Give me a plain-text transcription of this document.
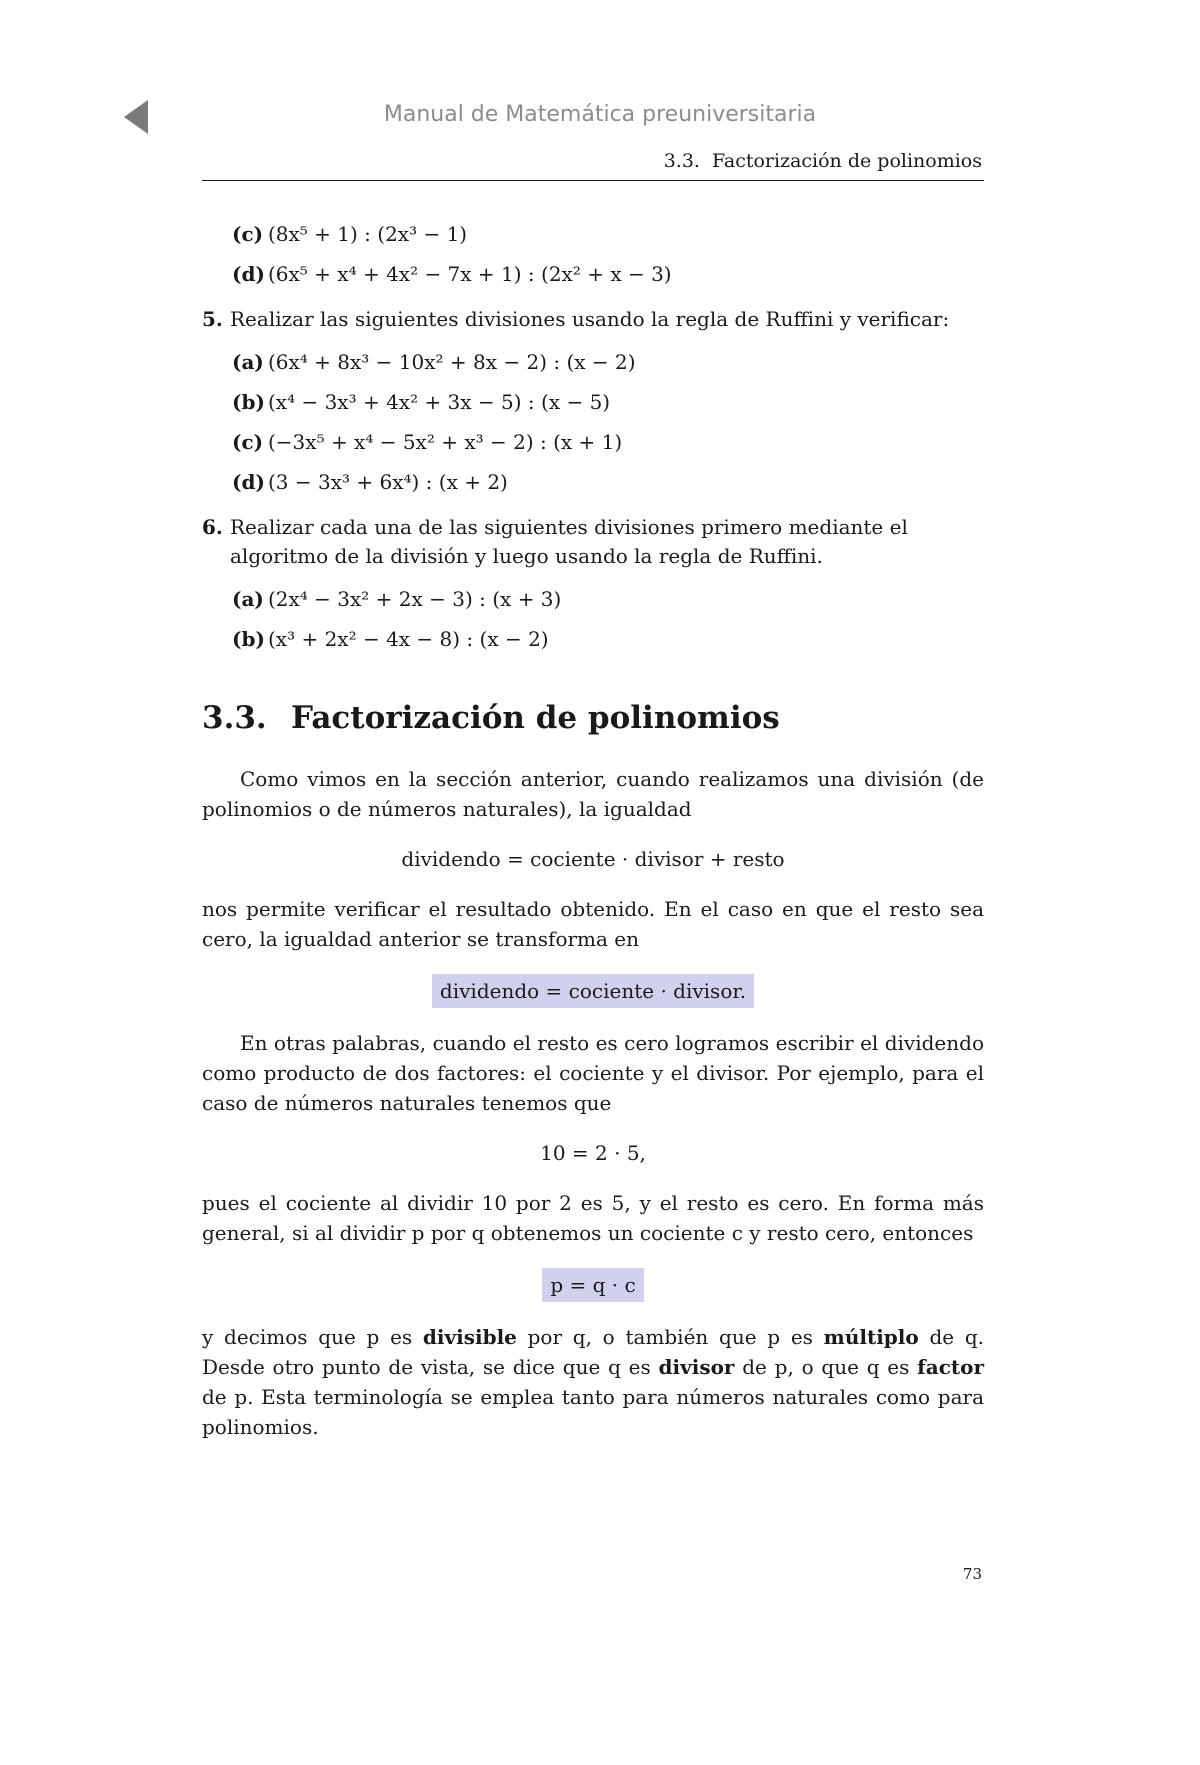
Manual de Matemática preuniversitaria
3.3. Factorización de polinomios
(c) (8x⁵ + 1) : (2x³ − 1)
(d) (6x⁵ + x⁴ + 4x² − 7x + 1) : (2x² + x − 3)
5. Realizar las siguientes divisiones usando la regla de Ruffini y verificar:
(a) (6x⁴ + 8x³ − 10x² + 8x − 2) : (x − 2)
(b) (x⁴ − 3x³ + 4x² + 3x − 5) : (x − 5)
(c) (−3x⁵ + x⁴ − 5x² + x³ − 2) : (x + 1)
(d) (3 − 3x³ + 6x⁴) : (x + 2)
6. Realizar cada una de las siguientes divisiones primero mediante el algoritmo de la división y luego usando la regla de Ruffini.
(a) (2x⁴ − 3x² + 2x − 3) : (x + 3)
(b) (x³ + 2x² − 4x − 8) : (x − 2)
3.3. Factorización de polinomios

Como vimos en la sección anterior, cuando realizamos una división (de polinomios o de números naturales), la igualdad

dividendo = cociente · divisor + resto

nos permite verificar el resultado obtenido. En el caso en que el resto sea cero, la igualdad anterior se transforma en

dividendo = cociente · divisor.

En otras palabras, cuando el resto es cero logramos escribir el dividendo como producto de dos factores: el cociente y el divisor. Por ejemplo, para el caso de números naturales tenemos que

10 = 2 · 5,

pues el cociente al dividir 10 por 2 es 5, y el resto es cero. En forma más general, si al dividir p por q obtenemos un cociente c y resto cero, entonces

p = q · c

y decimos que p es divisible por q, o también que p es múltiplo de q. Desde otro punto de vista, se dice que q es divisor de p, o que q es factor de p. Esta terminología se emplea tanto para números naturales como para polinomios.

73
